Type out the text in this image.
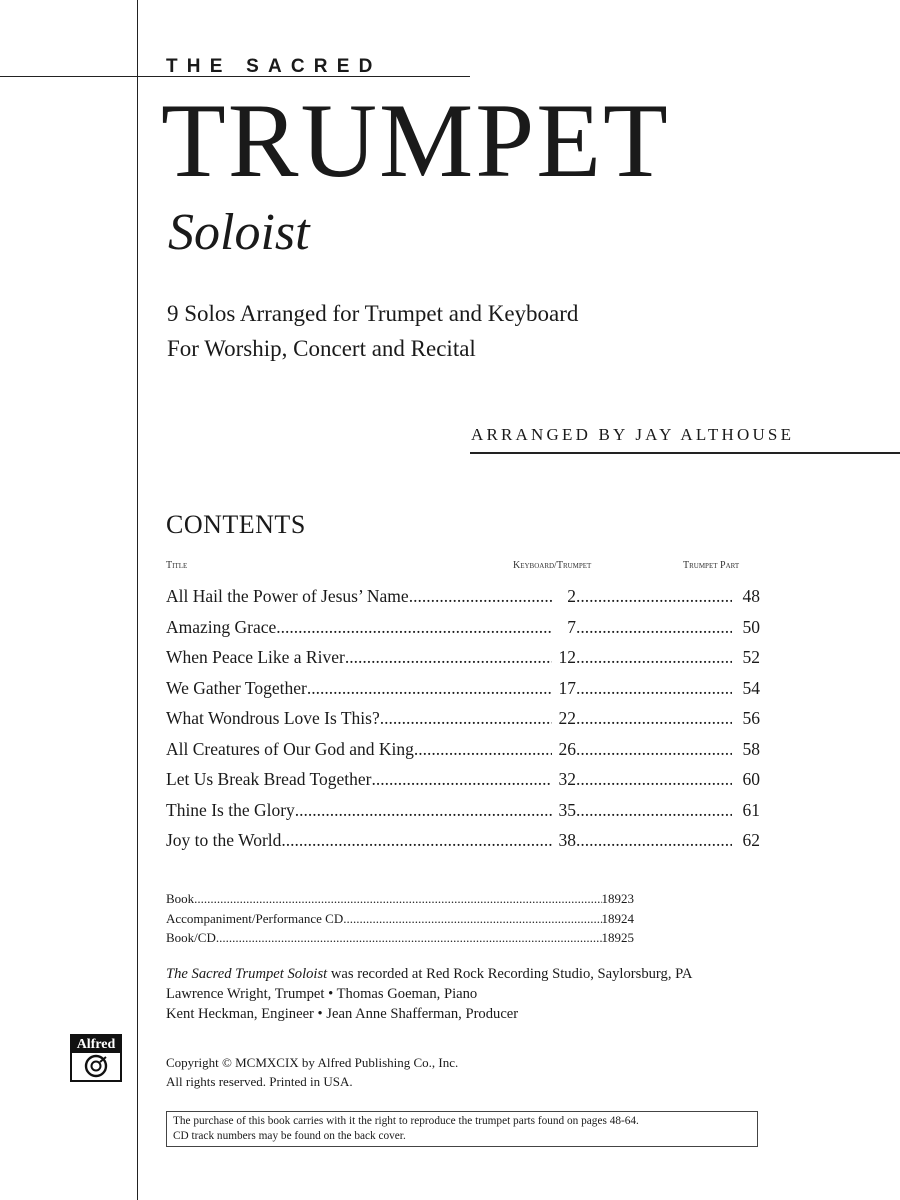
THE SACRED
TRUMPET
Soloist
9 Solos Arranged for Trumpet and Keyboard
For Worship, Concert and Recital
ARRANGED BY JAY ALTHOUSE
CONTENTS
Title	Keyboard/Trumpet	Trumpet Part
All Hail the Power of Jesus’ Name .....	2 .....	48
Amazing Grace .....	7 .....	50
When Peace Like a River .....	12 .....	52
We Gather Together .....	17 .....	54
What Wondrous Love Is This? .....	22 .....	56
All Creatures of Our God and King .....	26 .....	58
Let Us Break Bread Together .....	32 .....	60
Thine Is the Glory .....	35 .....	61
Joy to the World .....	38 .....	62
Book .....	18923
Accompaniment/Performance CD .....	18924
Book/CD .....	18925
The Sacred Trumpet Soloist was recorded at Red Rock Recording Studio, Saylorsburg, PA
Lawrence Wright, Trumpet • Thomas Goeman, Piano
Kent Heckman, Engineer • Jean Anne Shafferman, Producer
Alfred
Copyright © MCMXCIX by Alfred Publishing Co., Inc.
All rights reserved. Printed in USA.
The purchase of this book carries with it the right to reproduce the trumpet parts found on pages 48-64.
CD track numbers may be found on the back cover.
